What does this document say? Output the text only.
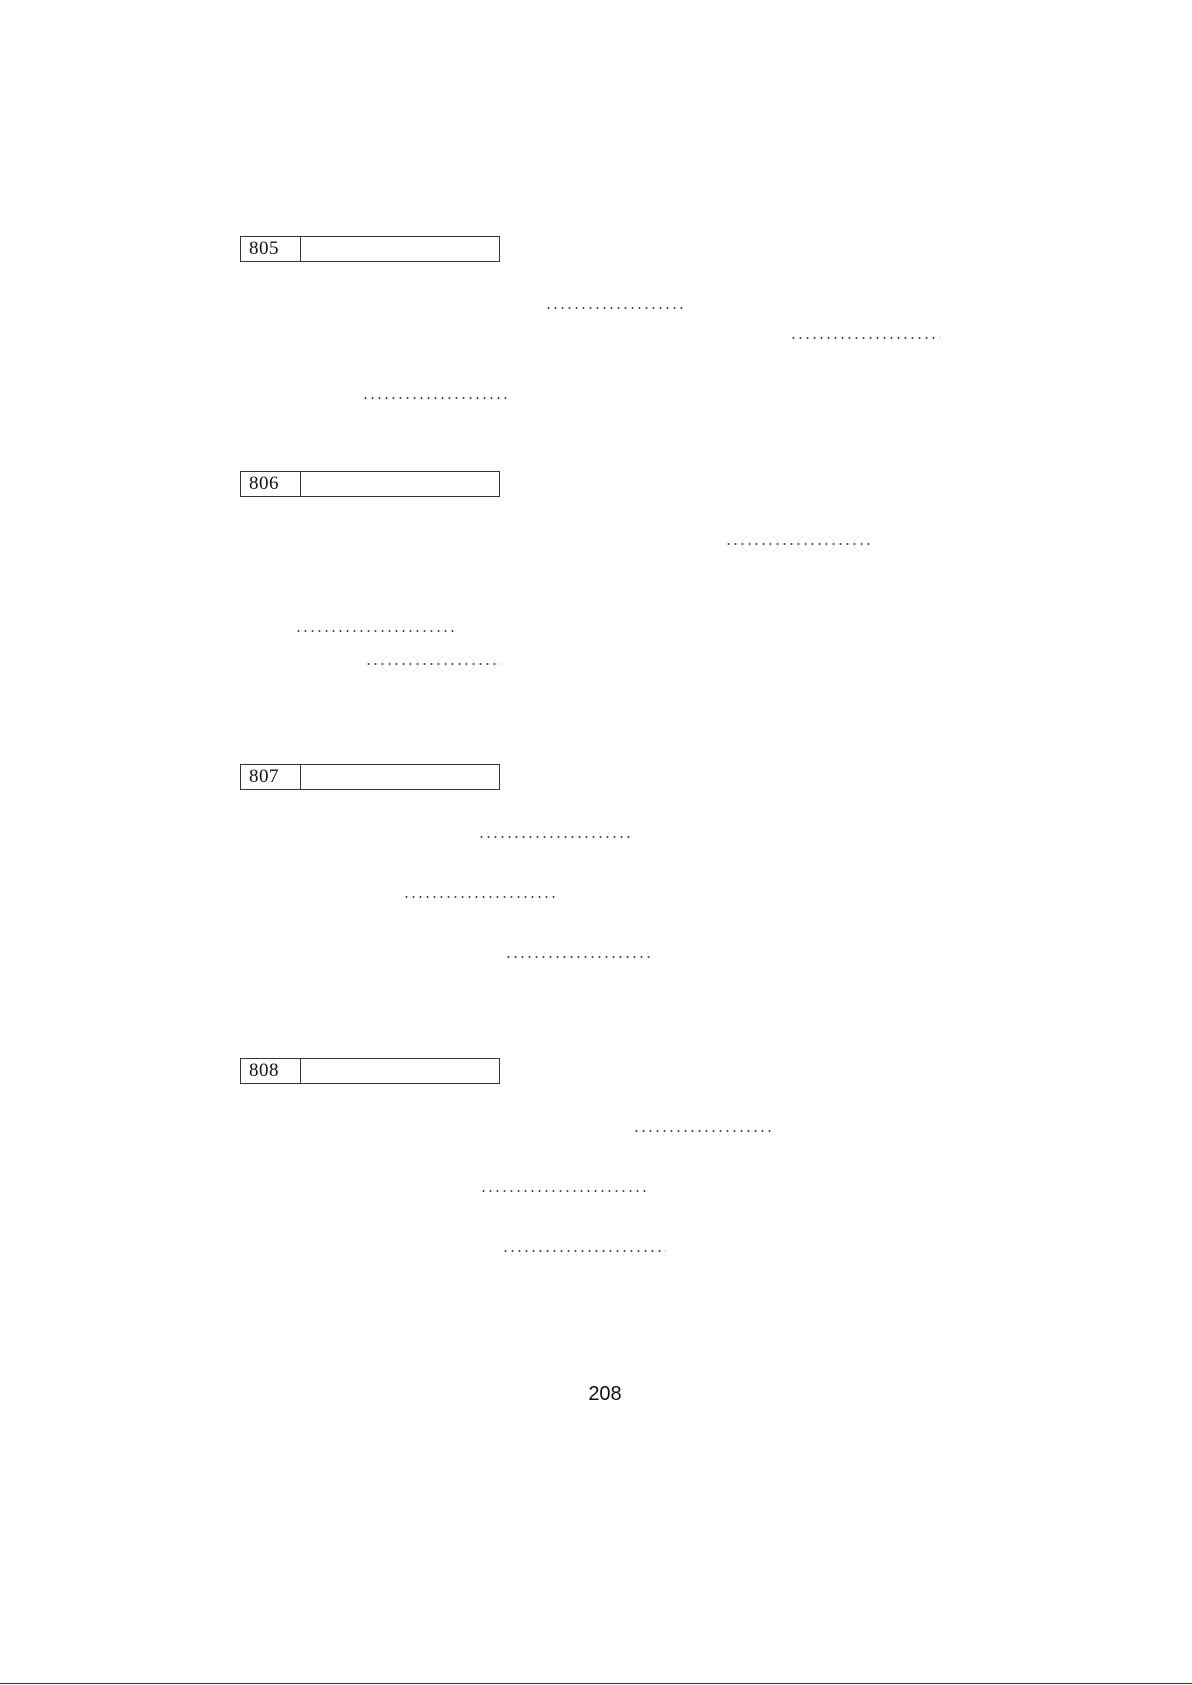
805
806
807
808
208
